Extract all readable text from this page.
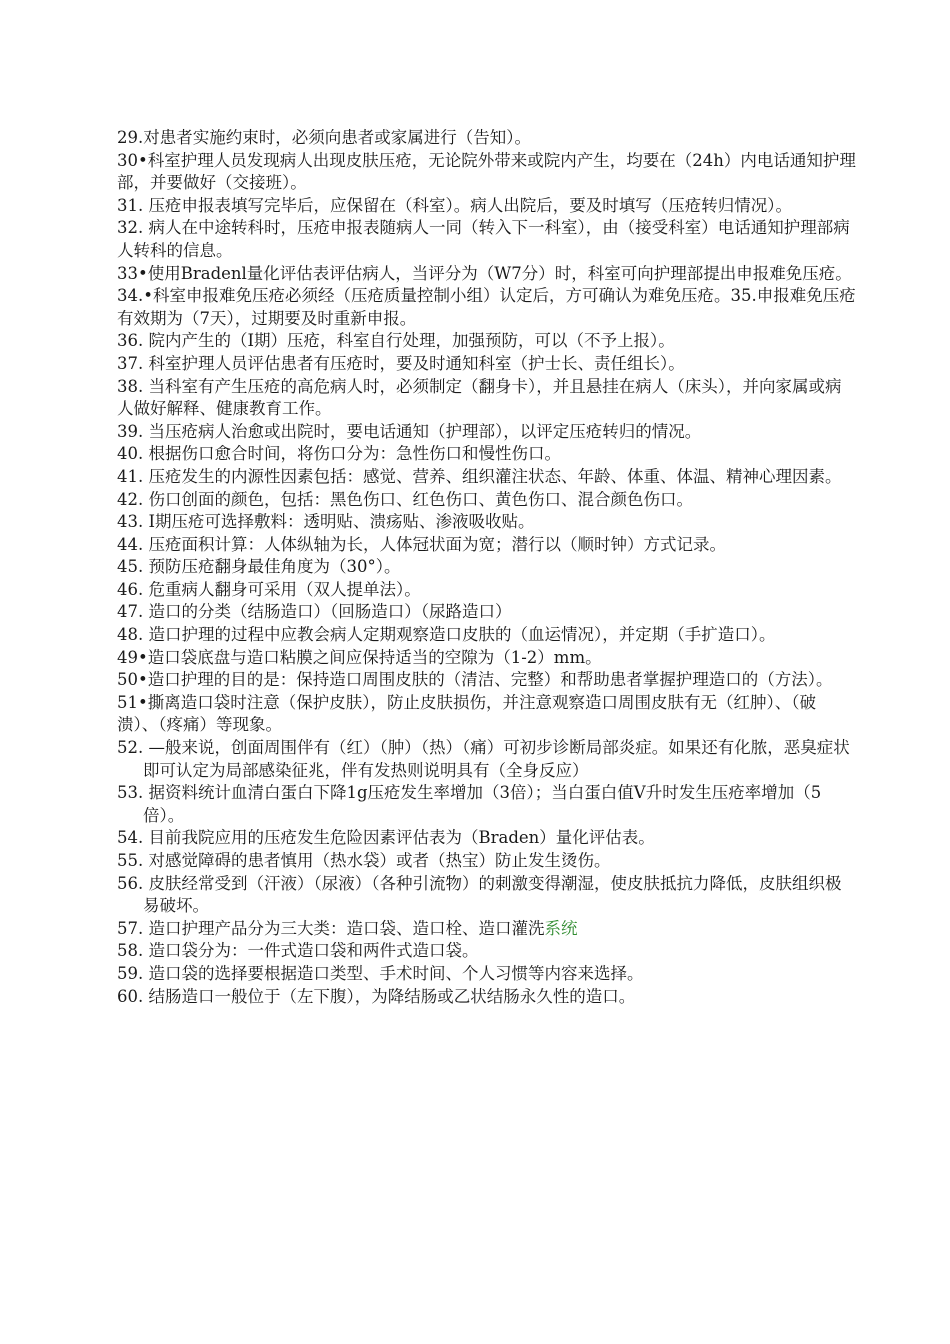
29.对患者实施约束时，必须向患者或家属进行（告知）。

30•科室护理人员发现病人出现皮肤压疮，无论院外带来或院内产生，均要在（24h）内电话通知护理部，并要做好（交接班）。

31. 压疮申报表填写完毕后，应保留在（科室）。病人出院后，要及时填写（压疮转归情况）。

32. 病人在中途转科时，压疮申报表随病人一同（转入下一科室），由（接受科室）电话通知护理部病人转科的信息。

33•使用Bradenl量化评估表评估病人，当评分为（W7分）时，科室可向护理部提出申报难免压疮。

34.•科室申报难免压疮必须经（压疮质量控制小组）认定后，方可确认为难免压疮。35.申报难免压疮有效期为（7天），过期要及时重新申报。

36. 院内产生的（Ⅰ期）压疮，科室自行处理，加强预防，可以（不予上报）。

37. 科室护理人员评估患者有压疮时，要及时通知科室（护士长、责任组长）。

38. 当科室有产生压疮的高危病人时，必须制定（翻身卡），并且悬挂在病人（床头），并向家属或病人做好解释、健康教育工作。

39. 当压疮病人治愈或出院时，要电话通知（护理部），以评定压疮转归的情况。

40. 根据伤口愈合时间，将伤口分为：急性伤口和慢性伤口。

41. 压疮发生的内源性因素包括：感觉、营养、组织灌注状态、年龄、体重、体温、精神心理因素。

42. 伤口创面的颜色，包括：黑色伤口、红色伤口、黄色伤口、混合颜色伤口。

43. Ⅰ期压疮可选择敷料：透明贴、溃疡贴、渗液吸收贴。

44. 压疮面积计算：人体纵轴为长，人体冠状面为宽；潜行以（顺时钟）方式记录。

45. 预防压疮翻身最佳角度为（30°）。

46. 危重病人翻身可采用（双人提单法）。

47. 造口的分类（结肠造口）（回肠造口）（尿路造口）

48. 造口护理的过程中应教会病人定期观察造口皮肤的（血运情况），并定期（手扩造口）。

49•造口袋底盘与造口粘膜之间应保持适当的空隙为（1-2）mm。

50•造口护理的目的是：保持造口周围皮肤的（清洁、完整）和帮助患者掌握护理造口的（方法）。

51•撕离造口袋时注意（保护皮肤），防止皮肤损伤，并注意观察造口周围皮肤有无（红肿）、（破溃）、（疼痛）等现象。

52. —般来说，创面周围伴有（红）（肿）（热）（痛）可初步诊断局部炎症。如果还有化脓，恶臭症状即可认定为局部感染征兆，伴有发热则说明具有（全身反应）

53. 据资料统计血清白蛋白下降1g压疮发生率增加（3倍）；当白蛋白值Ⅴ升时发生压疮率增加（5倍）。

54. 目前我院应用的压疮发生危险因素评估表为（Braden）量化评估表。

55. 对感觉障碍的患者慎用（热水袋）或者（热宝）防止发生烫伤。

56. 皮肤经常受到（汗液）（尿液）（各种引流物）的刺激变得潮湿，使皮肤抵抗力降低，皮肤组织极易破坏。

57. 造口护理产品分为三大类：造口袋、造口栓、造口灌洗系统

58. 造口袋分为：一件式造口袋和两件式造口袋。

59. 造口袋的选择要根据造口类型、手术时间、个人习惯等内容来选择。

60. 结肠造口一般位于（左下腹），为降结肠或乙状结肠永久性的造口。
